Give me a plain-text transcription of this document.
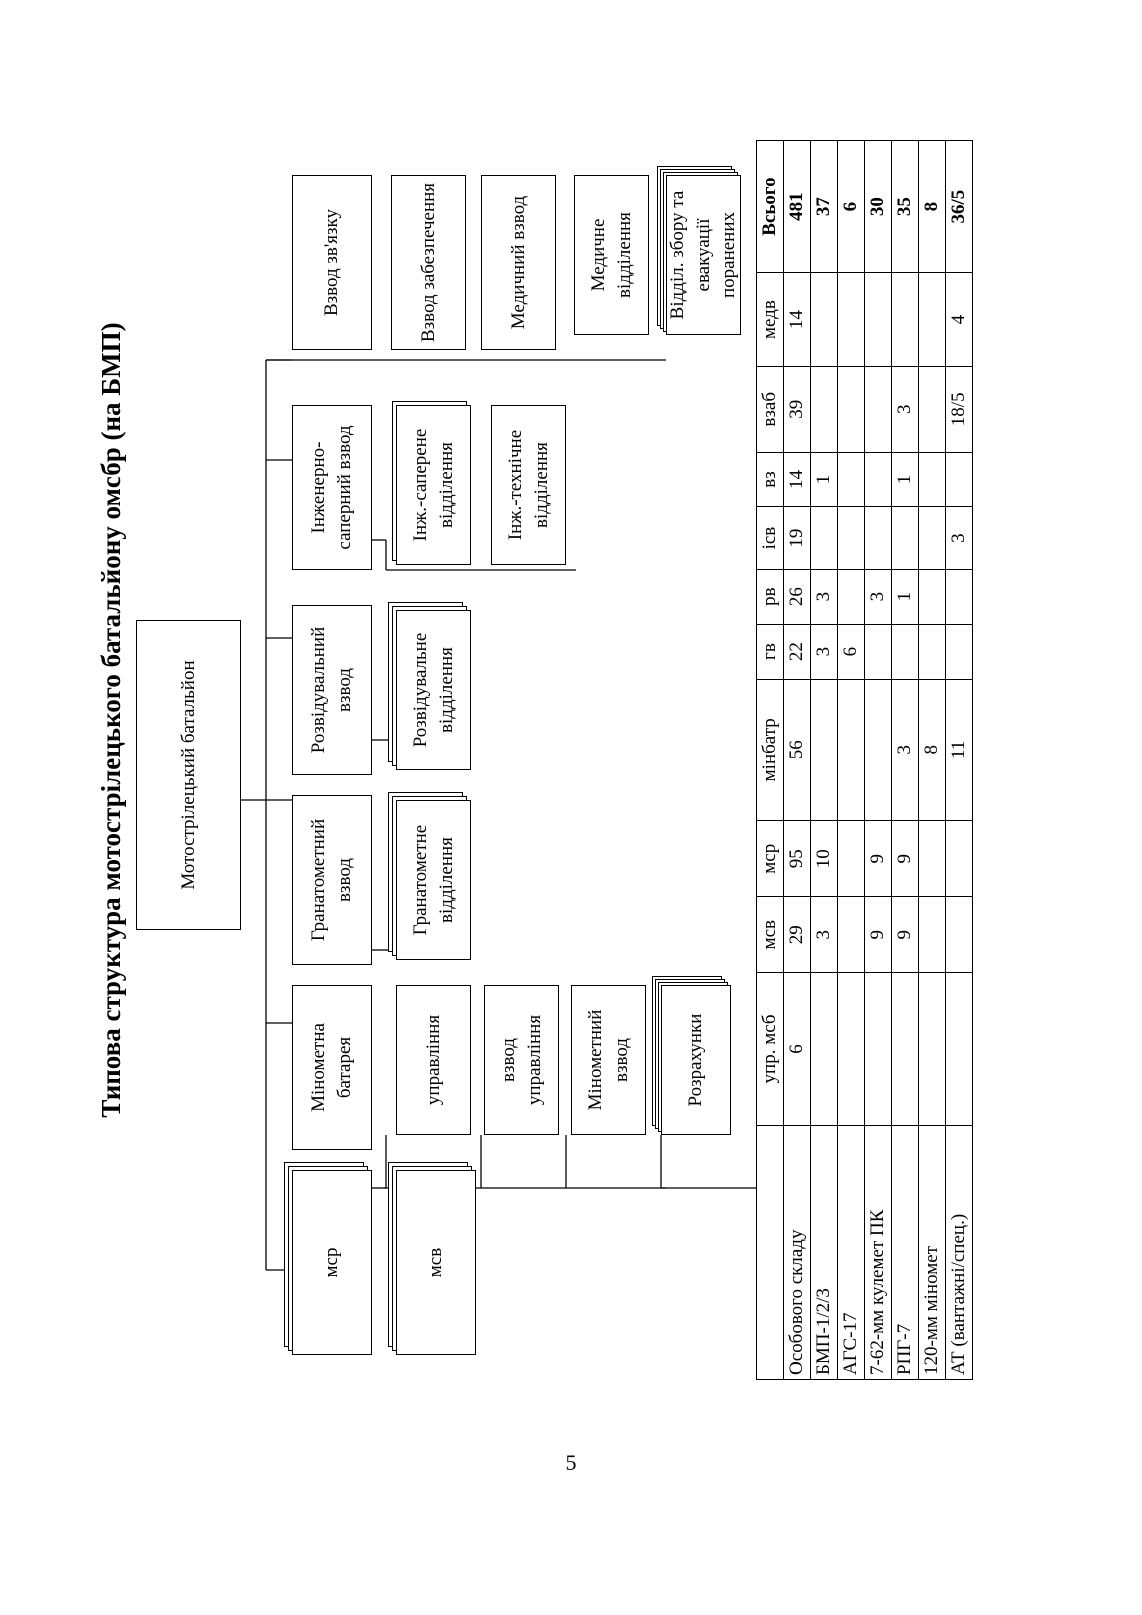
Типова структура мотострілецького батальйону омсбр (на БМП)	Мотострілецький батальйон
мср	мсв
Мінометна батарея	управління	взвод управління	Мінометний взвод	Розрахунки
Гранатометний взвод	Гранатометне відділення
Розвідувальний взвод	Розвідувальне відділення
Інженерно-саперний взвод	Інж.-саперене відділення	Інж.-технічне відділення
Взвод зв'язку	Взвод забезпечення	Медичний взвод	Медичне відділення	Відділ. збору та евакуації поранених
	упр. мсб	мсв	мср	мінбатр	гв	рв	ісв	вз	взаб	медв	Всього
Особового складу	6	29	95	56	22	26	19	14	39	14	481
БМП-1/2/3		3	10		3	3		1			37
АГС-17					6						6
7-62-мм кулемет ПК		9	9			3					30
РПГ-7		9	9	3		1		1	3		35
120-мм міномет				8							8
АТ (вантажні/спец.)				11			3		18/5	4	36/5
5
